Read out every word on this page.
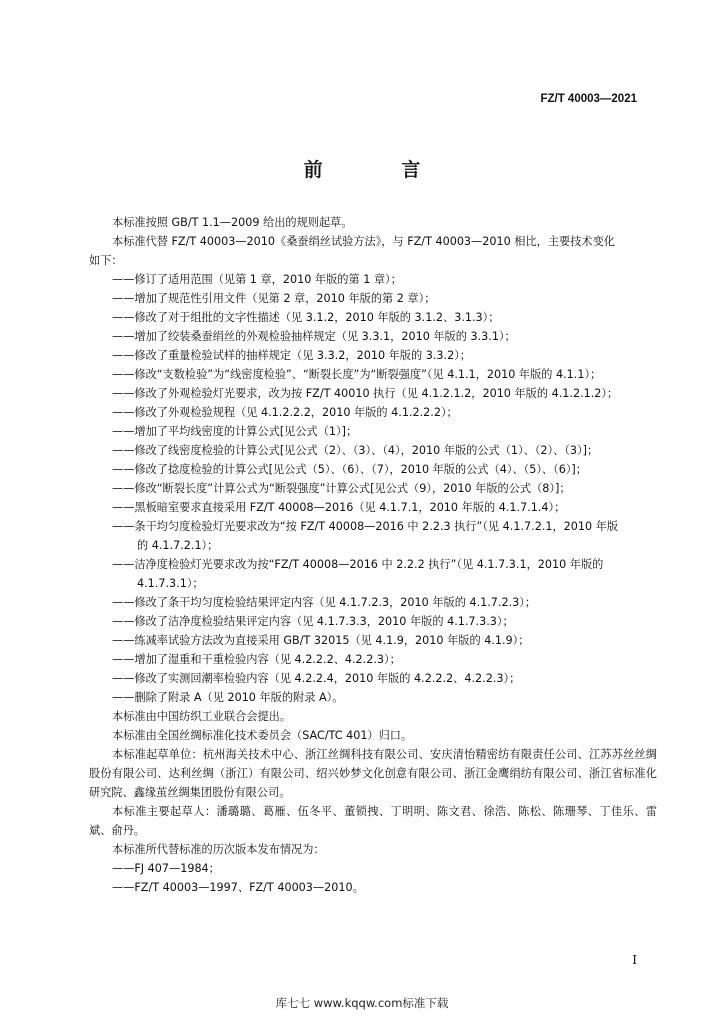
FZ/T 40003—2021
前 言

本标准按照 GB/T 1.1—2009 给出的规则起草。

本标准代替 FZ/T 40003—2010《桑蚕绢丝试验方法》，与 FZ/T 40003—2010 相比，主要技术变化

如下：

——修订了适用范围（见第 1 章，2010 年版的第 1 章）；

——增加了规范性引用文件（见第 2 章，2010 年版的第 2 章）；

——修改了对于组批的文字性描述（见 3.1.2，2010 年版的 3.1.2、3.1.3）；

——增加了绞装桑蚕绢丝的外观检验抽样规定（见 3.3.1，2010 年版的 3.3.1）；

——修改了重量检验试样的抽样规定（见 3.3.2，2010 年版的 3.3.2）；

——修改“支数检验”为“线密度检验”、“断裂长度”为“断裂强度”（见 4.1.1，2010 年版的 4.1.1）；

——修改了外观检验灯光要求，改为按 FZ/T 40010 执行（见 4.1.2.1.2，2010 年版的 4.1.2.1.2）；

——修改了外观检验规程（见 4.1.2.2.2，2010 年版的 4.1.2.2.2）；

——增加了平均线密度的计算公式[见公式（1）]；

——修改了线密度检验的计算公式[见公式（2）、（3）、（4），2010 年版的公式（1）、（2）、（3）]；

——修改了捻度检验的计算公式[见公式（5）、（6）、（7），2010 年版的公式（4）、（5）、（6）]；

——修改“断裂长度”计算公式为“断裂强度”计算公式[见公式（9），2010 年版的公式（8）]；

——黑板暗室要求直接采用 FZ/T 40008—2016（见 4.1.7.1，2010 年版的 4.1.7.1.4）；

——条干均匀度检验灯光要求改为“按 FZ/T 40008—2016 中 2.2.3 执行”（见 4.1.7.2.1，2010 年版

的 4.1.7.2.1）；

——洁净度检验灯光要求改为按“FZ/T 40008—2016 中 2.2.2 执行”（见 4.1.7.3.1，2010 年版的

4.1.7.3.1）；

——修改了条干均匀度检验结果评定内容（见 4.1.7.2.3，2010 年版的 4.1.7.2.3）；

——修改了洁净度检验结果评定内容（见 4.1.7.3.3，2010 年版的 4.1.7.3.3）；

——练减率试验方法改为直接采用 GB/T 32015（见 4.1.9，2010 年版的 4.1.9）；

——增加了湿重和干重检验内容（见 4.2.2.2、4.2.2.3）；

——修改了实测回潮率检验内容（见 4.2.2.4，2010 年版的 4.2.2.2、4.2.2.3）；

——删除了附录 A（见 2010 年版的附录 A）。

本标准由中国纺织工业联合会提出。

本标准由全国丝绸标准化技术委员会（SAC/TC 401）归口。

本标准起草单位：杭州海关技术中心、浙江丝绸科技有限公司、安庆清怡精密纺有限责任公司、江苏苏丝丝绸股份有限公司、达利丝绸（浙江）有限公司、绍兴妙梦文化创意有限公司、浙江金鹰绢纺有限公司、浙江省标准化研究院、鑫缘茧丝绸集团股份有限公司。

本标准主要起草人：潘璐璐、葛雁、伍冬平、董锁拽、丁明明、陈文君、徐浩、陈松、陈珊琴、丁佳乐、雷斌、俞丹。

本标准所代替标准的历次版本发布情况为：

——FJ 407—1984；

——FZ/T 40003—1997、FZ/T 40003—2010。

I
库七七 www.kqqw.com标准下载
